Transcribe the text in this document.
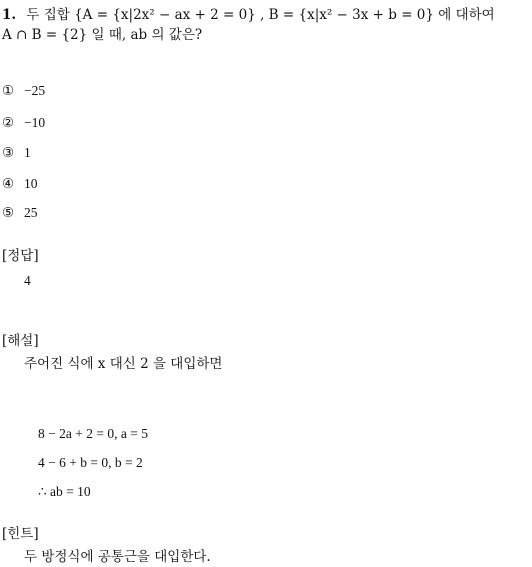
1. 두 집합 {A = {x|2x² − ax + 2 = 0} , B = {x|x² − 3x + b = 0} 에 대하여
A ∩ B = {2} 일 때, ab 의 값은?
① −25
② −10
③ 1
④ 10
⑤ 25
[정답]
4
[해설]
주어진 식에 x 대신 2 을 대입하면
8 − 2a + 2 = 0, a = 5
4 − 6 + b = 0, b = 2
∴ ab = 10
[힌트]
두 방정식에 공통근을 대입한다.
